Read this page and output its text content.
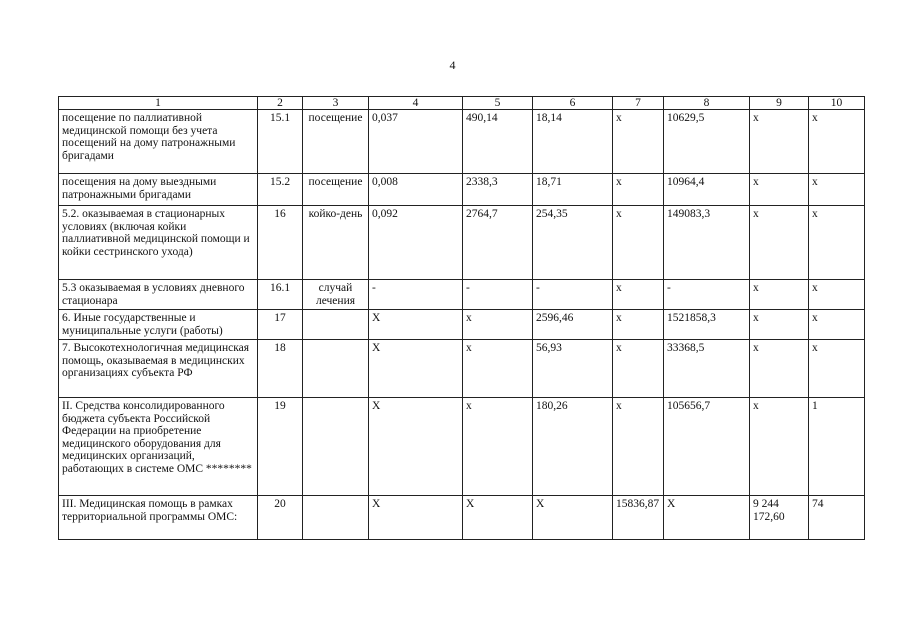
4
1	2	3	4	5	6	7	8	9	10
посещение по паллиативной медицинской помощи без учета посещений на дому патронажными бригадами	15.1	посещение	0,037	490,14	18,14	х	10629,5	х	х
посещения на дому выездными патронажными бригадами	15.2	посещение	0,008	2338,3	18,71	х	10964,4	х	х
5.2. оказываемая в стационарных условиях (включая койки паллиативной медицинской помощи и койки сестринского ухода)	16	койко-день	0,092	2764,7	254,35	х	149083,3	х	х
5.3 оказываемая в условиях дневного стационара	16.1	случай лечения	-	-	-	х	-	х	х
6. Иные государственные и муниципальные услуги (работы)	17		Х	х	2596,46	х	1521858,3	х	х
7. Высокотехнологичная медицинская помощь, оказываемая в медицинских организациях субъекта РФ	18		Х	х	56,93	х	33368,5	х	х
II. Средства консолидированного бюджета субъекта Российской Федерации на приобретение медицинского оборудования для медицинских организаций, работающих в системе ОМС ********	19		Х	х	180,26	х	105656,7	х	1
III. Медицинская помощь в рамках территориальной программы ОМС:	20		Х	Х	Х	15836,87	Х	9 244 172,60	74
